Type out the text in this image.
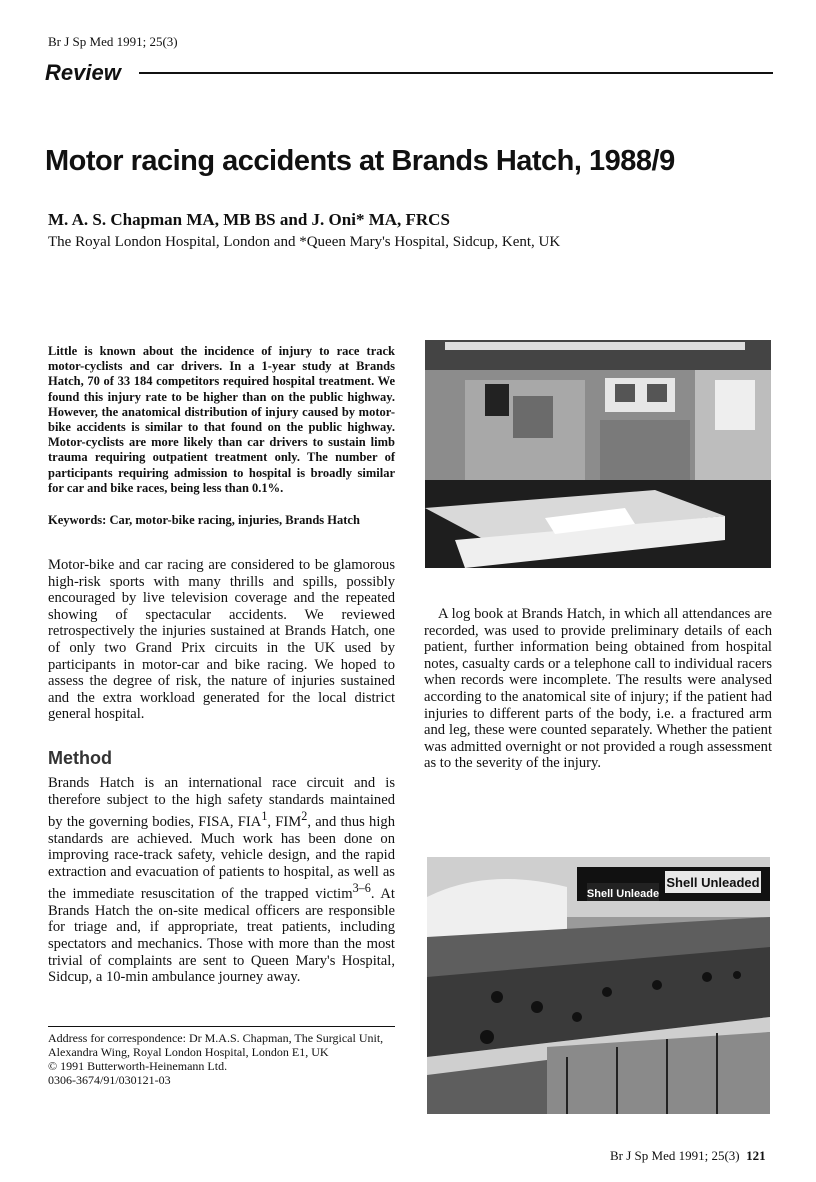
Br J Sp Med 1991; 25(3)
Review
Motor racing accidents at Brands Hatch, 1988/9
M. A. S. Chapman MA, MB BS and J. Oni* MA, FRCS
The Royal London Hospital, London and *Queen Mary's Hospital, Sidcup, Kent, UK

Little is known about the incidence of injury to race track motor-cyclists and car drivers. In a 1-year study at Brands Hatch, 70 of 33 184 competitors required hospital treatment. We found this injury rate to be higher than on the public highway. However, the anatomical distribution of injury caused by motor-bike accidents is similar to that found on the public highway. Motor-cyclists are more likely than car drivers to sustain limb trauma requiring outpatient treatment only. The number of participants requiring admission to hospital is broadly similar for car and bike races, being less than 0.1%.

Keywords: Car, motor-bike racing, injuries, Brands Hatch

Motor-bike and car racing are considered to be glamorous high-risk sports with many thrills and spills, possibly encouraged by live television coverage and the repeated showing of spectacular accidents. We reviewed retrospectively the injuries sustained at Brands Hatch, one of only two Grand Prix circuits in the UK used by participants in motor-car and bike racing. We hoped to assess the degree of risk, the nature of injuries sustained and the extra workload generated for the local district general hospital.

Method

Brands Hatch is an international race circuit and is therefore subject to the high safety standards maintained by the governing bodies, FISA, FIA$^1$, FIM$^2$, and thus high standards are achieved. Much work has been done on improving race-track safety, vehicle design, and the rapid extraction and evacuation of patients to hospital, as well as the immediate resuscitation of the trapped victim$^{3-6}$. At Brands Hatch the on-site medical officers are responsible for triage and, if appropriate, treat patients, including spectators and mechanics. Those with more than the most trivial of complaints are sent to Queen Mary's Hospital, Sidcup, a 10-min ambulance journey away.

Address for correspondence: Dr M.A.S. Chapman, The Surgical Unit, Alexandra Wing, Royal London Hospital, London E1, UK
© 1991 Butterworth-Heinemann Ltd.
0306-3674/91/030121-03

A log book at Brands Hatch, in which all attendances are recorded, was used to provide preliminary details of each patient, further information being obtained from hospital notes, casualty cards or a telephone call to individual racers when records were incomplete. The results were analysed according to the anatomical site of injury; if the patient had injuries to different parts of the body, i.e. a fractured arm and leg, these were counted separately. Whether the patient was admitted overnight or not provided a rough assessment as to the severity of the injury.

Shell Unleaded
Shell Unleade
Br J Sp Med 1991; 25(3) 121
